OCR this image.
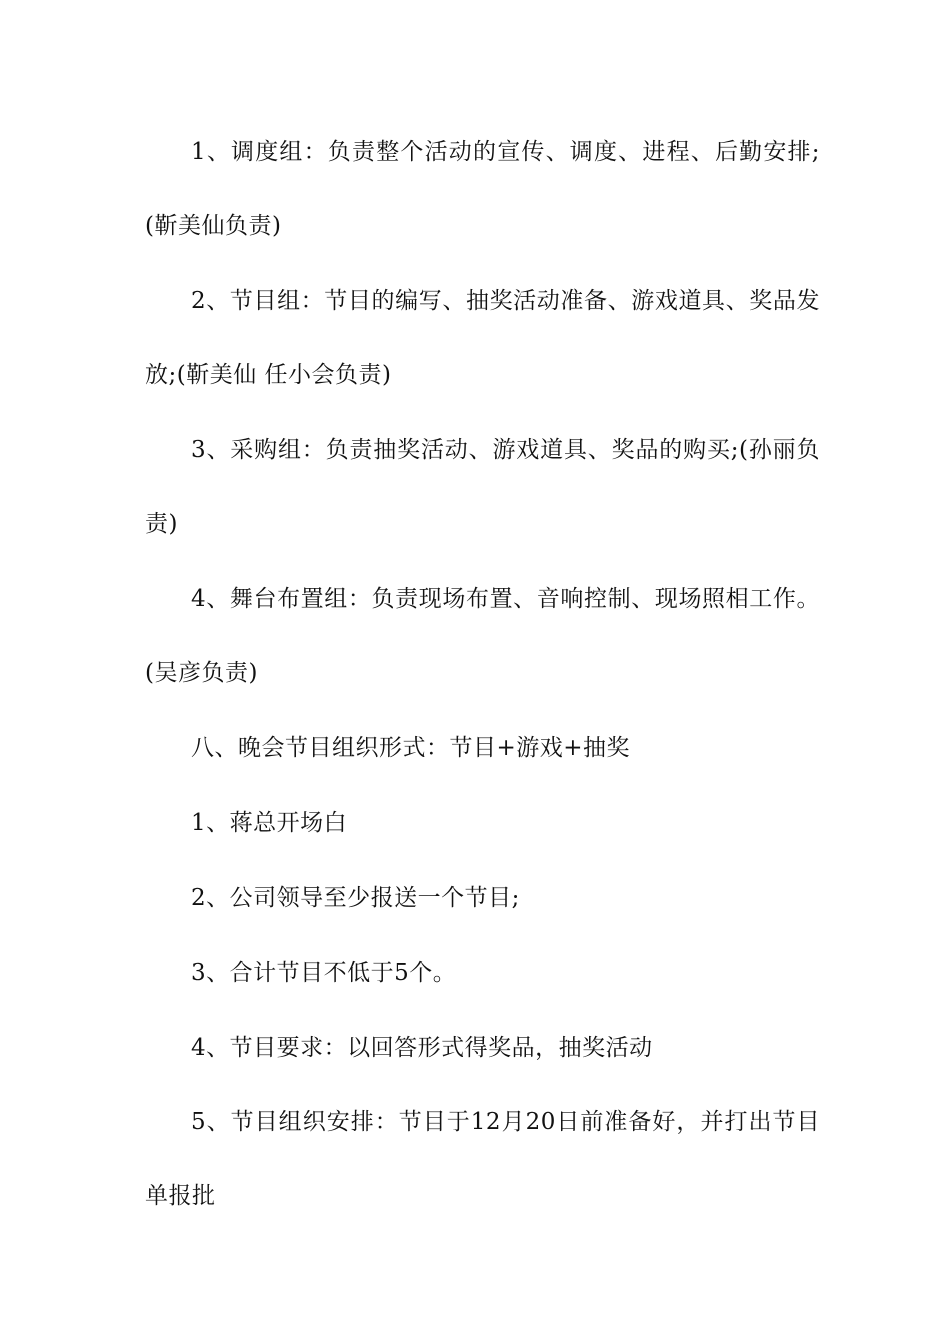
1、调度组：负责整个活动的宣传、调度、进程、后勤安排;(靳美仙负责)

2、节目组：节目的编写、抽奖活动准备、游戏道具、奖品发放;(靳美仙 任小会负责)

3、采购组：负责抽奖活动、游戏道具、奖品的购买;(孙丽负责)

4、舞台布置组：负责现场布置、音响控制、现场照相工作。(吴彦负责)

八、晚会节目组织形式：节目+游戏+抽奖

1、蒋总开场白

2、公司领导至少报送一个节目;

3、合计节目不低于5个。

4、节目要求：以回答形式得奖品，抽奖活动

5、节目组织安排：节目于12月20日前准备好，并打出节目单报批
